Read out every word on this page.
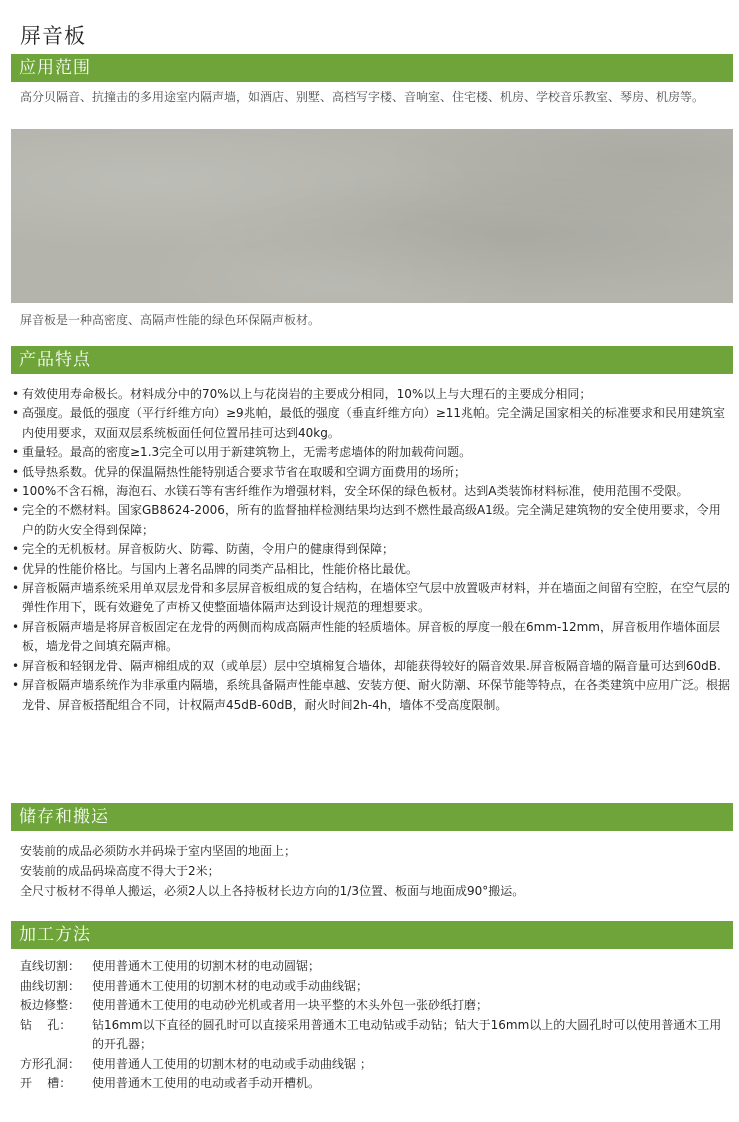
屏音板
应用范围
高分贝隔音、抗撞击的多用途室内隔声墙，如酒店、别墅、高档写字楼、音响室、住宅楼、机房、学校音乐教室、琴房、机房等。
屏音板是一种高密度、高隔声性能的绿色环保隔声板材。
产品特点
• 有效使用寿命极长。材料成分中的70%以上与花岗岩的主要成分相同，10%以上与大理石的主要成分相同；
• 高强度。最低的强度（平行纤维方向）≥9兆帕，最低的强度（垂直纤维方向）≥11兆帕。完全满足国家相关的标准要求和民用建筑室内使用要求，双面双层系统板面任何位置吊挂可达到40kg。
• 重量轻。最高的密度≥1.3完全可以用于新建筑物上，无需考虑墙体的附加载荷问题。
• 低导热系数。优异的保温隔热性能特别适合要求节省在取暖和空调方面费用的场所；
• 100%不含石棉，海泡石、水镁石等有害纤维作为增强材料，安全环保的绿色板材。达到A类装饰材料标准，使用范围不受限。
• 完全的不燃材料。国家GB8624-2006，所有的监督抽样检测结果均达到不燃性最高级A1级。完全满足建筑物的安全使用要求，令用户的防火安全得到保障；
• 完全的无机板材。屏音板防火、防霉、防菌，令用户的健康得到保障；
• 优异的性能价格比。与国内上著名品牌的同类产品相比，性能价格比最优。
• 屏音板隔声墙系统采用单双层龙骨和多层屏音板组成的复合结构，在墙体空气层中放置吸声材料，并在墙面之间留有空腔，在空气层的弹性作用下，既有效避免了声桥又使整面墙体隔声达到设计规范的理想要求。
• 屏音板隔声墙是将屏音板固定在龙骨的两侧而构成高隔声性能的轻质墙体。屏音板的厚度一般在6mm-12mm，屏音板用作墙体面层板，墙龙骨之间填充隔声棉。
• 屏音板和轻钢龙骨、隔声棉组成的双（或单层）层中空填棉复合墙体，却能获得较好的隔音效果.屏音板隔音墙的隔音量可达到60dB.
• 屏音板隔声墙系统作为非承重内隔墙，系统具备隔声性能卓越、安装方便、耐火防潮、环保节能等特点，在各类建筑中应用广泛。根据龙骨、屏音板搭配组合不同，计权隔声45dB-60dB，耐火时间2h-4h，墙体不受高度限制。
储存和搬运
安装前的成品必须防水并码垛于室内坚固的地面上；
安装前的成品码垛高度不得大于2米；
全尺寸板材不得单人搬运，必须2人以上各持板材长边方向的1/3位置、板面与地面成90°搬运。
加工方法
直线切割： 使用普通木工使用的切割木材的电动圆锯；
曲线切割： 使用普通木工使用的切割木材的电动或手动曲线锯；
板边修整： 使用普通木工使用的电动砂光机或者用一块平整的木头外包一张砂纸打磨；
钻    孔：	钻16mm以下直径的圆孔时可以直接采用普通木工电动钻或手动钻；钻大于16mm以上的大圆孔时可以使用普通木工用的开孔器；
方形孔洞： 使用普通人工使用的切割木材的电动或手动曲线锯 ；
开    槽：	使用普通木工使用的电动或者手动开槽机。
